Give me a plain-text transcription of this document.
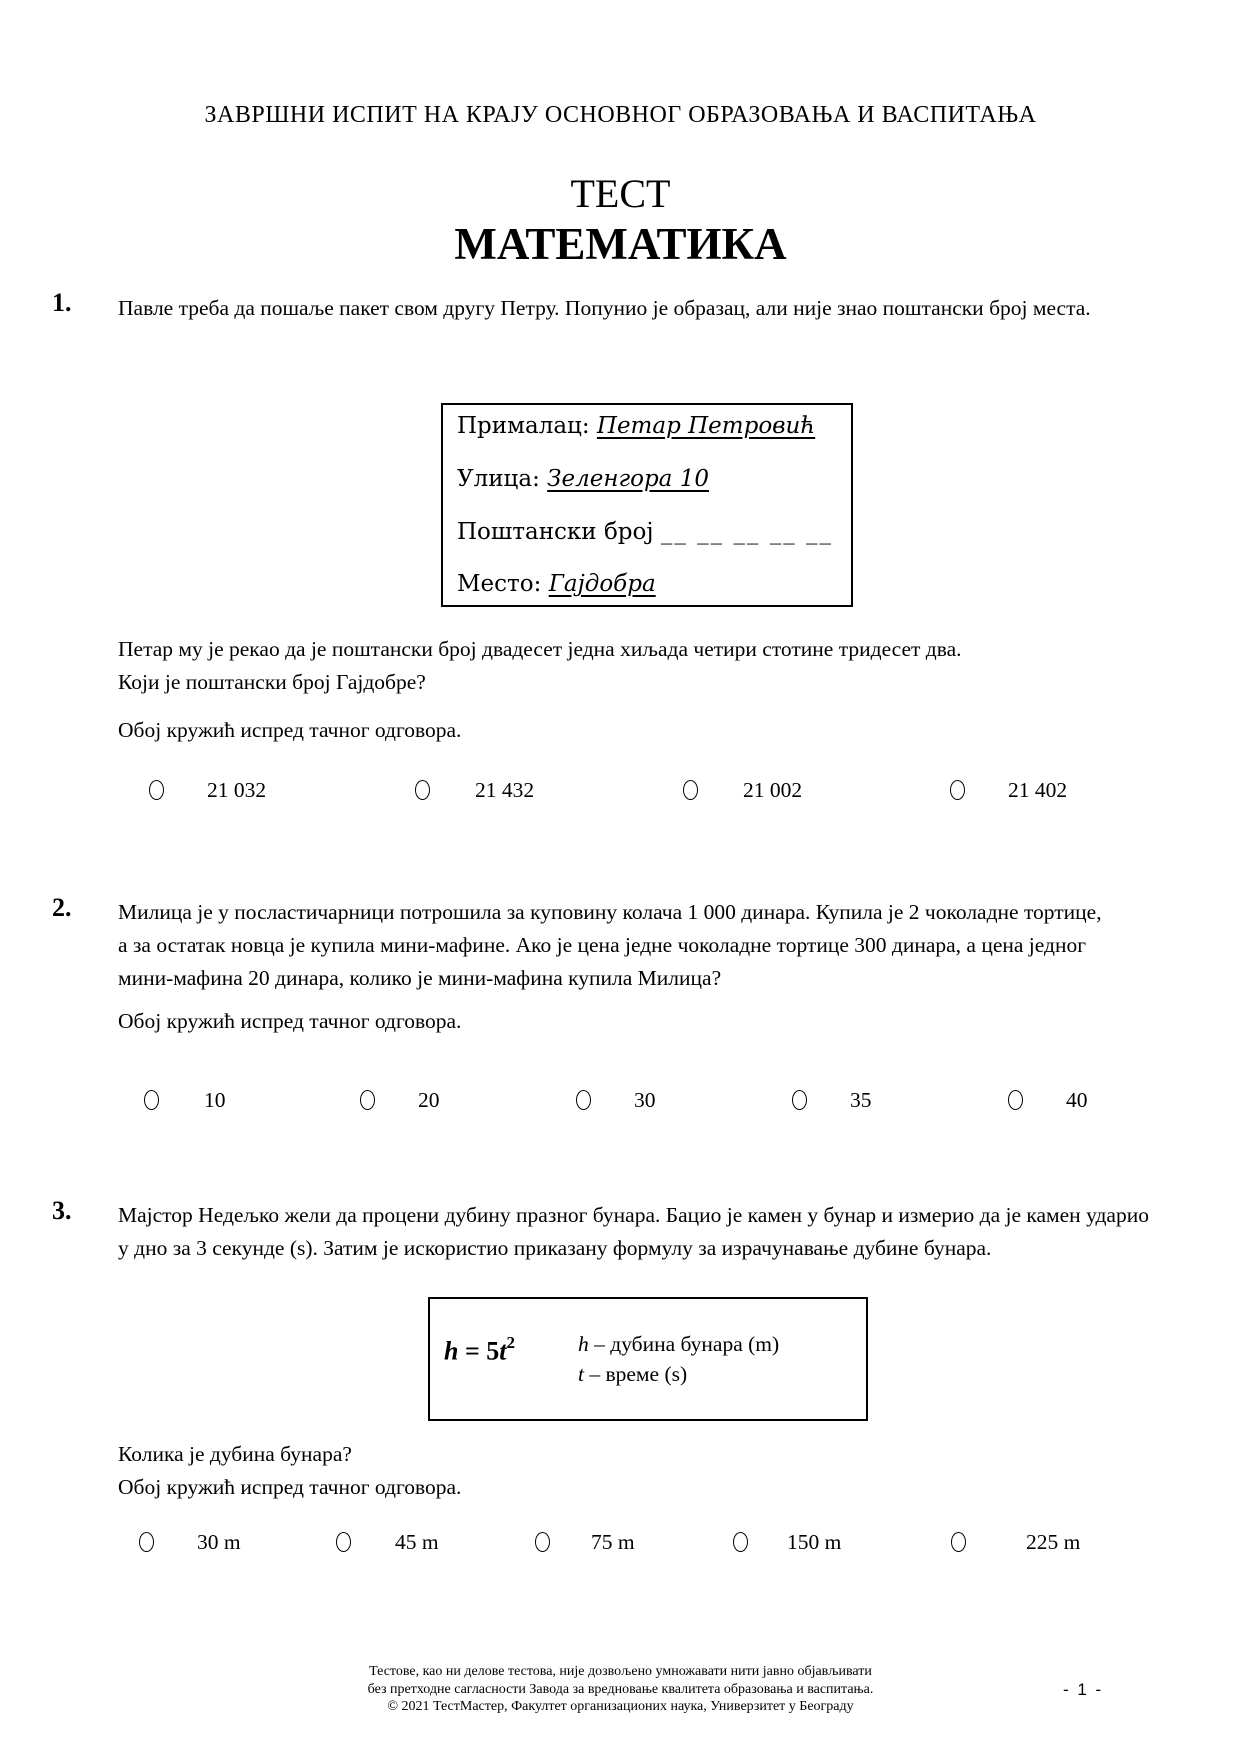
ЗАВРШНИ ИСПИТ НА КРАЈУ ОСНОВНОГ ОБРАЗОВАЊА И ВАСПИТАЊА
ТЕСТ
МАТЕМАТИКА
1. Павле треба да пошаље пакет свом другу Петру. Попунио је образац, али није знао поштански број места.
Прималац: Петар Петровић
Улица: Зеленгора 10
Поштански број __ __ __ __ __
Место: Гајдобра
Петар му је рекао да је поштански број двадесет једна хиљада четири стотине тридесет два.
Који је поштански број Гајдобре?
Обој кружић испред тачног одговора.
21 032	21 432	21 002	21 402
2. Милица је у посластичарници потрошила за куповину колача 1 000 динара. Купила је 2 чоколадне тортице,
а за остатак новца је купила мини-мафине. Ако је цена једне чоколадне тортице 300 динара, а цена једног
мини-мафина 20 динара, колико је мини-мафина купила Милица?
Обој кружић испред тачног одговора.
10	20	30	35	40
3. Мајстор Недељко жели да процени дубину празног бунара. Бацио је камен у бунар и измерио да је камен ударио
у дно за 3 секунде (s). Затим је искористио приказану формулу за израчунавање дубине бунара.
$h = 5t^2$	h – дубина бунара (m)
t – време (s)
Колика је дубина бунара?
Обој кружић испред тачног одговора.
30 m	45 m	75 m	150 m	225 m
Тестове, као ни делове тестова, није дозвољено умножавати нити јавно објављивати
без претходне сагласности Завода за вредновање квалитета образовања и васпитања.
© 2021 ТестМастер, Факултет организационих наука, Универзитет у Београду
- 1 -
